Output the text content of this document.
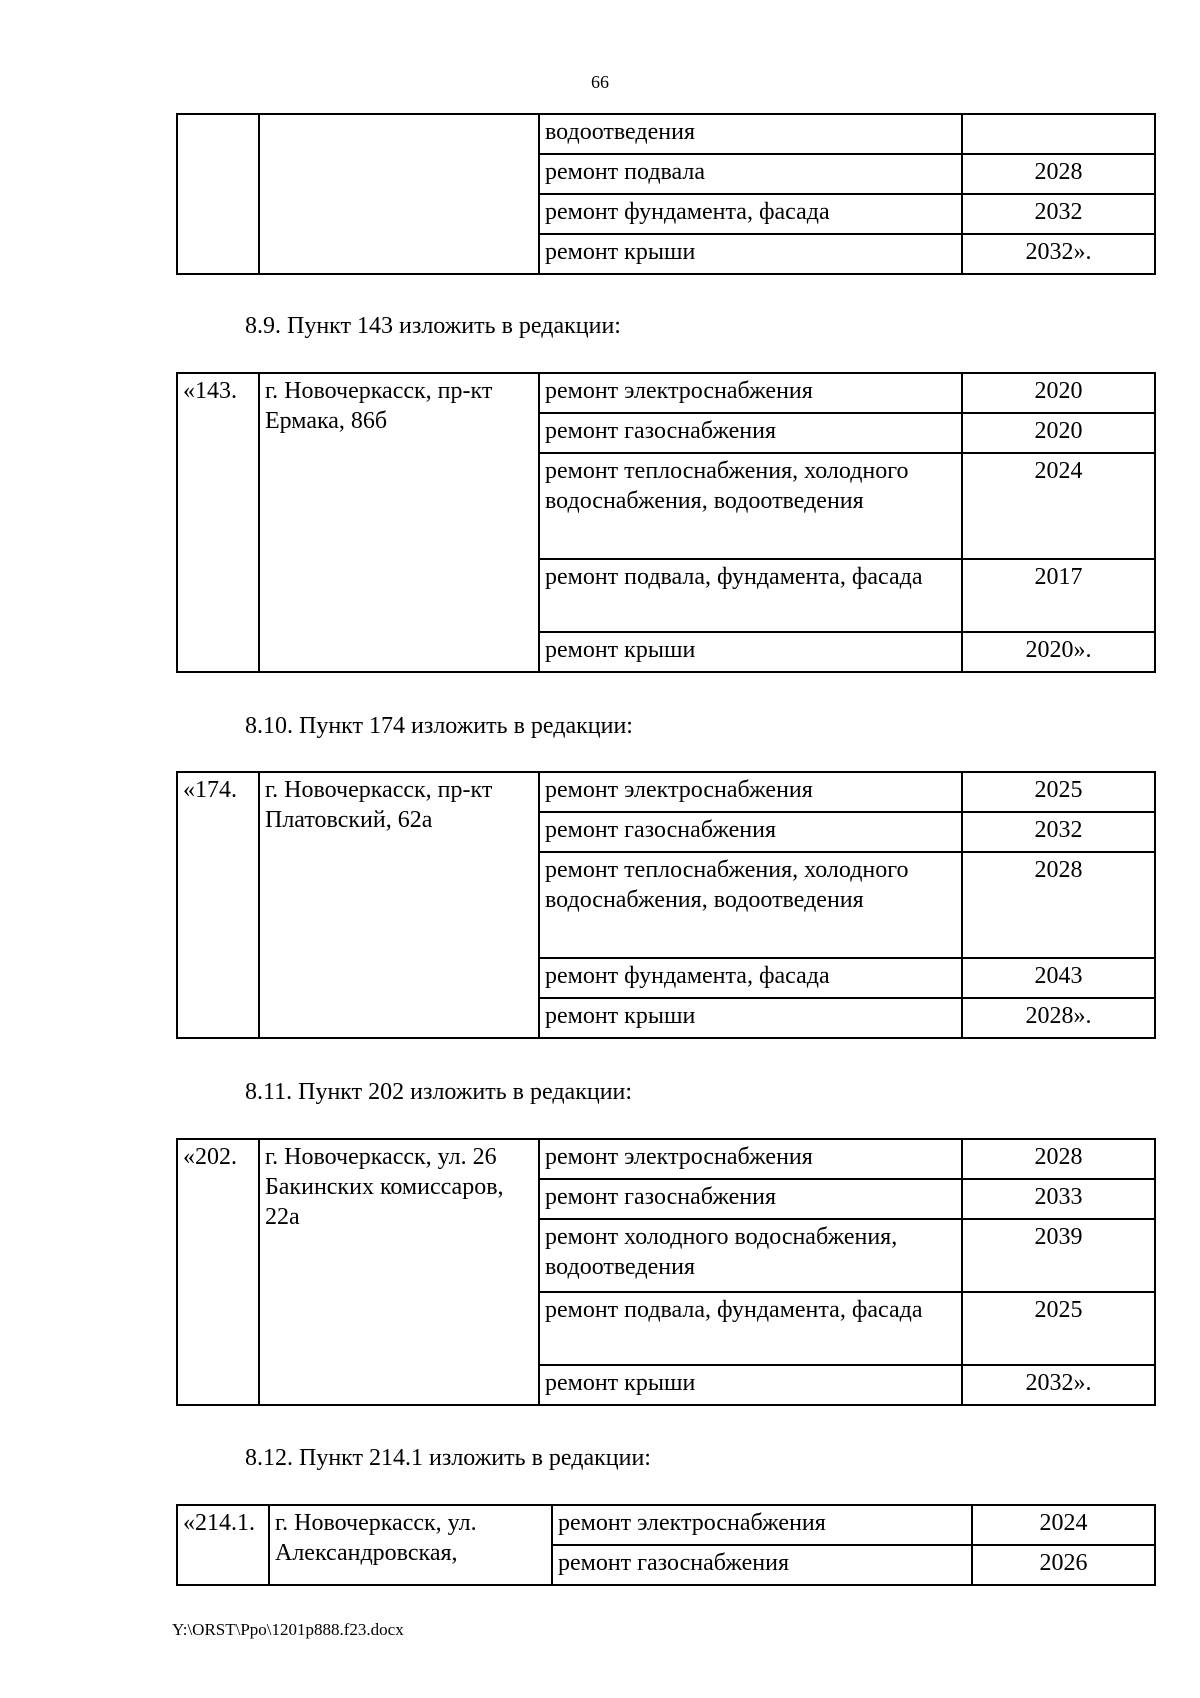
66
		водоотведения	
		ремонт подвала	2028
		ремонт фундамента, фасада	2032
		ремонт крыши	2032».
8.9. Пункт 143 изложить в редакции:
«143.	г. Новочеркасск, пр-кт Ермака, 86б	ремонт электроснабжения	2020
		ремонт газоснабжения	2020
		ремонт теплоснабжения, холодного водоснабжения, водоотведения	2024
		ремонт подвала, фундамента, фасада	2017
		ремонт крыши	2020».
8.10. Пункт 174 изложить в редакции:
«174.	г. Новочеркасск, пр-кт Платовский, 62а	ремонт электроснабжения	2025
		ремонт газоснабжения	2032
		ремонт теплоснабжения, холодного водоснабжения, водоотведения	2028
		ремонт фундамента, фасада	2043
		ремонт крыши	2028».
8.11. Пункт 202 изложить в редакции:
«202.	г. Новочеркасск, ул. 26 Бакинских комиссаров, 22а	ремонт электроснабжения	2028
		ремонт газоснабжения	2033
		ремонт холодного водоснабжения, водоотведения	2039
		ремонт подвала, фундамента, фасада	2025
		ремонт крыши	2032».
8.12. Пункт 214.1 изложить в редакции:
«214.1.	г. Новочеркасск, ул. Александровская,	ремонт электроснабжения	2024
		ремонт газоснабжения	2026
Y:\ORST\Ppo\1201p888.f23.docx
